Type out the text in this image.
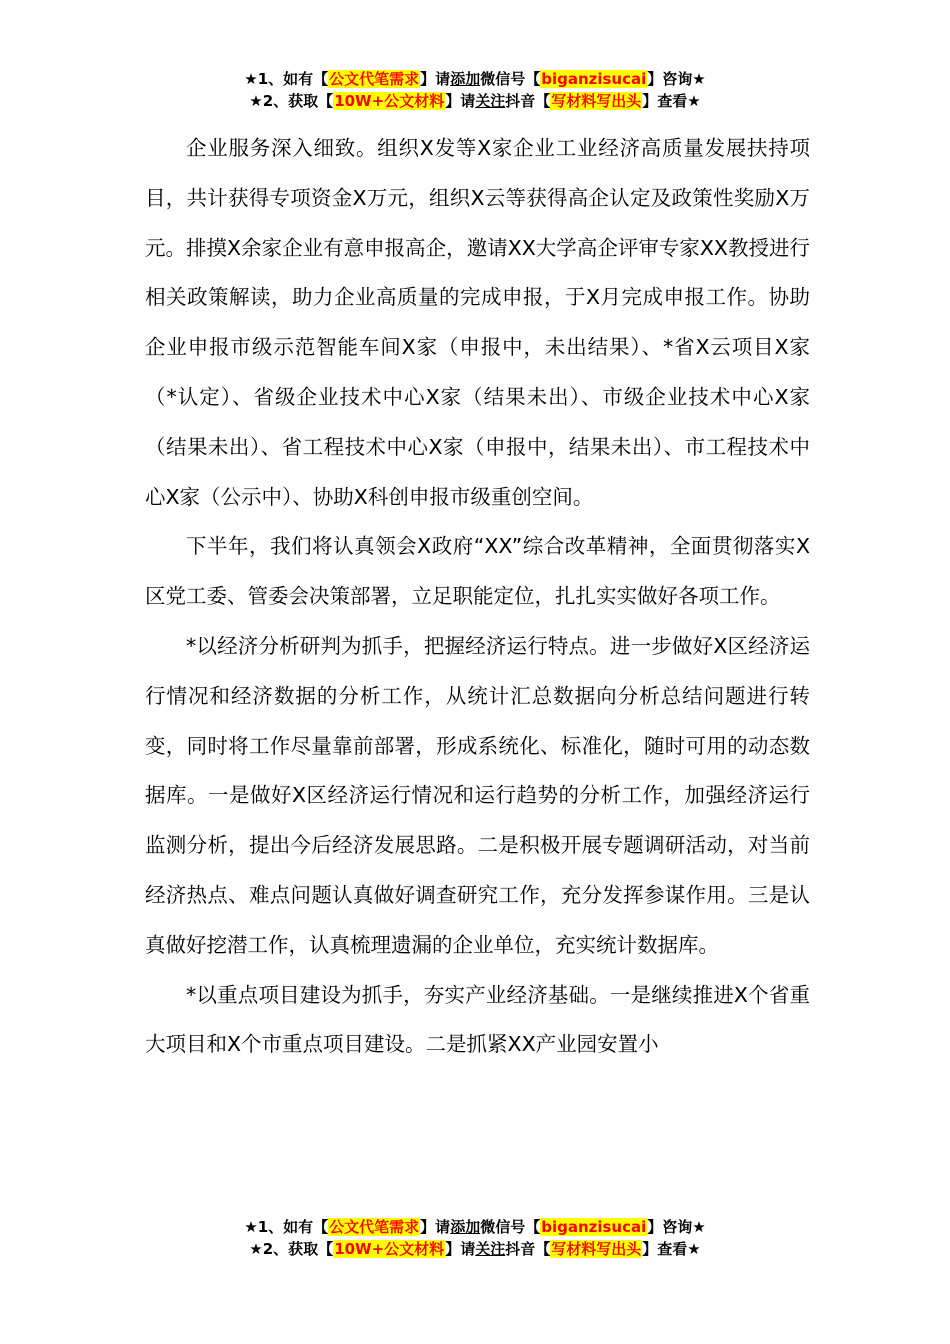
★1、如有【公文代笔需求】请添加微信号【biganzisucai】咨询★
★2、获取【10W+公文材料】请关注抖音【写材料写出头】查看★

企业服务深入细致。组织X发等X家企业工业经济高质量发展扶持项目，共计获得专项资金X万元，组织X云等获得高企认定及政策性奖励X万元。排摸X余家企业有意申报高企，邀请XX大学高企评审专家XX教授进行相关政策解读，助力企业高质量的完成申报，于X月完成申报工作。协助企业申报市级示范智能车间X家（申报中，未出结果）、*省X云项目X家（*认定）、省级企业技术中心X家（结果未出）、市级企业技术中心X家（结果未出）、省工程技术中心X家（申报中，结果未出）、市工程技术中心X家（公示中）、协助X科创申报市级重创空间。

下半年，我们将认真领会X政府“XX”综合改革精神，全面贯彻落实X区党工委、管委会决策部署，立足职能定位，扎扎实实做好各项工作。

*以经济分析研判为抓手，把握经济运行特点。进一步做好X区经济运行情况和经济数据的分析工作，从统计汇总数据向分析总结问题进行转变，同时将工作尽量靠前部署，形成系统化、标准化，随时可用的动态数据库。一是做好X区经济运行情况和运行趋势的分析工作，加强经济运行监测分析，提出今后经济发展思路。二是积极开展专题调研活动，对当前经济热点、难点问题认真做好调查研究工作，充分发挥参谋作用。三是认真做好挖潜工作，认真梳理遗漏的企业单位，充实统计数据库。

*以重点项目建设为抓手，夯实产业经济基础。一是继续推进X个省重大项目和X个市重点项目建设。二是抓紧XX产业园安置小

★1、如有【公文代笔需求】请添加微信号【biganzisucai】咨询★
★2、获取【10W+公文材料】请关注抖音【写材料写出头】查看★
